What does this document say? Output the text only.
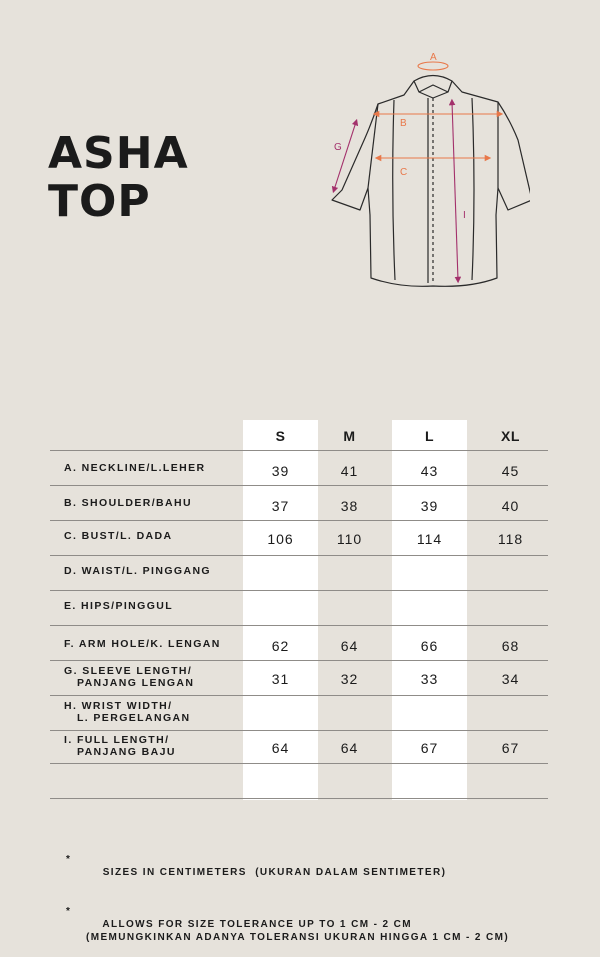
ASHA
TOP
A
B
C
G
I
S	M	L	XL
A. NECKLINE/L.LEHER	39	41	43	45
B. SHOULDER/BAHU	37	38	39	40
C. BUST/L. DADA	106	110	114	118
D. WAIST/L. PINGGANG
E. HIPS/PINGGUL
F. ARM HOLE/K. LENGAN	62	64	66	68
G. SLEEVE LENGTH/
PANJANG LENGAN	31	32	33	34
H. WRIST WIDTH/
L. PERGELANGAN
I. FULL LENGTH/
PANJANG BAJU	64	64	67	67

*

SIZES IN CENTIMETERS  (UKURAN DALAM SENTIMETER)

*

ALLOWS FOR SIZE TOLERANCE UP TO 1 CM - 2 CM
(MEMUNGKINKAN ADANYA TOLERANSI UKURAN HINGGA 1 CM - 2 CM)
